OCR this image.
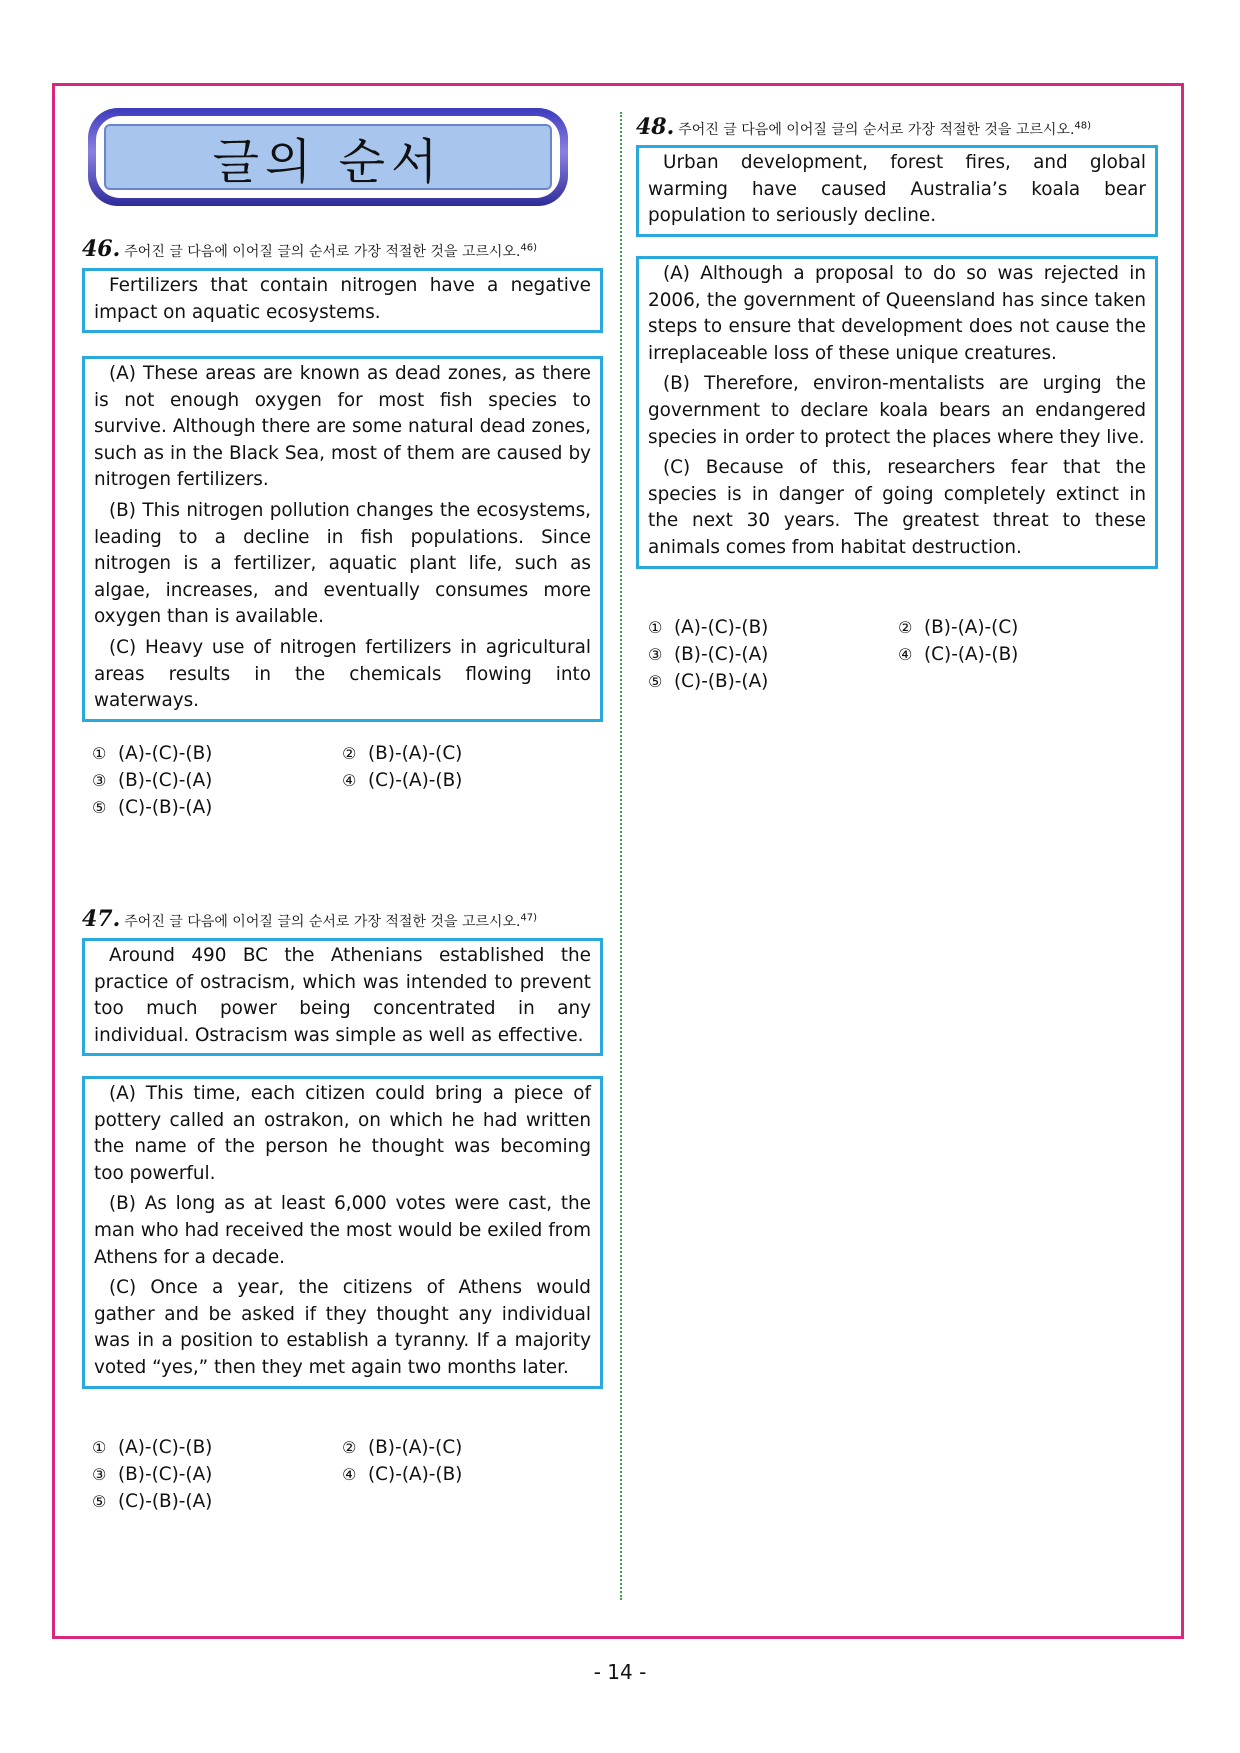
글의 순서
46. 주어진 글 다음에 이어질 글의 순서로 가장 적절한 것을 고르시오.$^{46)}$

Fertilizers that contain nitrogen have a negative impact on aquatic ecosystems.

(A) These areas are known as dead zones, as there is not enough oxygen for most fish species to survive. Although there are some natural dead zones, such as in the Black Sea, most of them are caused by nitrogen fertilizers.

(B) This nitrogen pollution changes the ecosystems, leading to a decline in fish populations. Since nitrogen is a fertilizer, aquatic plant life, such as algae, increases, and eventually consumes more oxygen than is available.

(C) Heavy use of nitrogen fertilizers in agricultural areas results in the chemicals flowing into waterways.

① (A)-(C)-(B)	② (B)-(A)-(C)
③ (B)-(C)-(A)	④ (C)-(A)-(B)
⑤ (C)-(B)-(A)
47. 주어진 글 다음에 이어질 글의 순서로 가장 적절한 것을 고르시오.$^{47)}$

Around 490 BC the Athenians established the practice of ostracism, which was intended to prevent too much power being concentrated in any individual. Ostracism was simple as well as effective.

(A) This time, each citizen could bring a piece of pottery called an ostrakon, on which he had written the name of the person he thought was becoming too powerful.

(B) As long as at least 6,000 votes were cast, the man who had received the most would be exiled from Athens for a decade.

(C) Once a year, the citizens of Athens would gather and be asked if they thought any individual was in a position to establish a tyranny. If a majority voted “yes,” then they met again two months later.

① (A)-(C)-(B)	② (B)-(A)-(C)
③ (B)-(C)-(A)	④ (C)-(A)-(B)
⑤ (C)-(B)-(A)
48. 주어진 글 다음에 이어질 글의 순서로 가장 적절한 것을 고르시오.$^{48)}$

Urban development, forest fires, and global warming have caused Australia’s koala bear population to seriously decline.

(A) Although a proposal to do so was rejected in 2006, the government of Queensland has since taken steps to ensure that development does not cause the irreplaceable loss of these unique creatures.

(B) Therefore, environ-mentalists are urging the government to declare koala bears an endangered species in order to protect the places where they live.

(C) Because of this, researchers fear that the species is in danger of going completely extinct in the next 30 years. The greatest threat to these animals comes from habitat destruction.

① (A)-(C)-(B)	② (B)-(A)-(C)
③ (B)-(C)-(A)	④ (C)-(A)-(B)
⑤ (C)-(B)-(A)
- 14 -
